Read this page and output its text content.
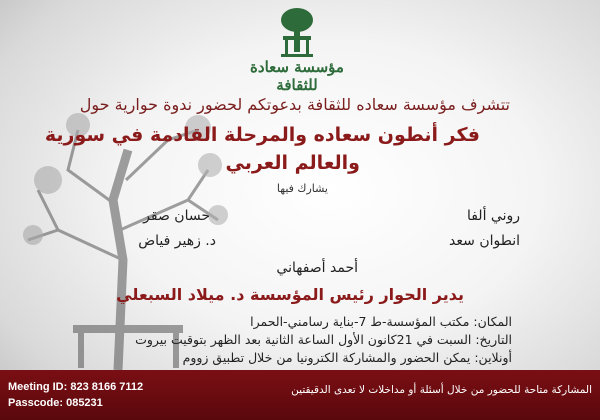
مؤسسة سعادة للثقافة
تتشرف مؤسسة سعاده للثقافة بدعوتكم لحضور ندوة حوارية حول
فكر أنطون سعاده والمرحلة القادمة في سورية
والعالم العربي
يشارك فيها
روني ألفا
حسان صقر
انطوان سعد
د. زهير فياض
أحمد أصفهاني
يدير الحوار رئيس المؤسسة د. ميلاد السبعلي
المكان: مكتب المؤسسة-ط 7-بناية رسامني-الحمرا
التاريخ: السبت في 21كانون الأول الساعة الثانية بعد الظهر بتوقيت بيروت
أونلاين: يمكن الحضور والمشاركة الكترونيا من خلال تطبيق زووم
Meeting ID: 823 8166 7112
Passcode: 085231
المشاركة متاحة للحضور من خلال أسئلة أو مداخلات لا تعدى الدقيقتين
